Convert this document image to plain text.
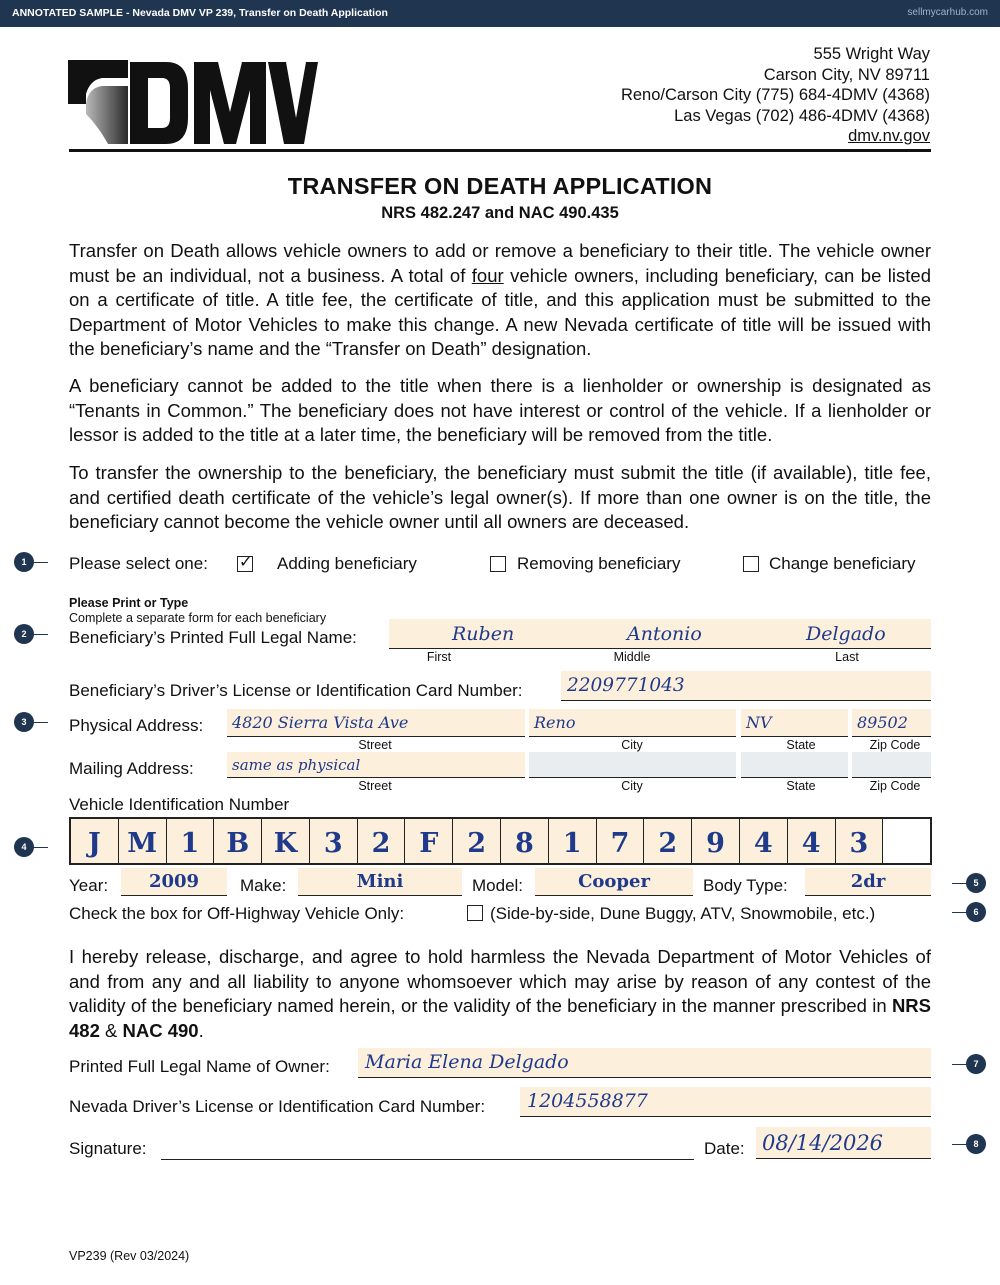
ANNOTATED SAMPLE - Nevada DMV VP 239, Transfer on Death Application	sellmycarhub.com
555 Wright Way
Carson City, NV 89711
Reno/Carson City (775) 684-4DMV (4368)
Las Vegas (702) 486-4DMV (4368)
dmv.nv.gov
TRANSFER ON DEATH APPLICATION
NRS 482.247 and NAC 490.435
Transfer on Death allows vehicle owners to add or remove a beneficiary to their title. The vehicle owner must be an individual, not a business. A total of four vehicle owners, including beneficiary, can be listed on a certificate of title. A title fee, the certificate of title, and this application must be submitted to the Department of Motor Vehicles to make this change. A new Nevada certificate of title will be issued with the beneficiary’s name and the “Transfer on Death” designation.
A beneficiary cannot be added to the title when there is a lienholder or ownership is designated as “Tenants in Common.” The beneficiary does not have interest or control of the vehicle. If a lienholder or lessor is added to the title at a later time, the beneficiary will be removed from the title.
To transfer the ownership to the beneficiary, the beneficiary must submit the title (if available), title fee, and certified death certificate of the vehicle’s legal owner(s). If more than one owner is on the title, the beneficiary cannot become the vehicle owner until all owners are deceased.
Please select one: ✓ Adding beneficiary	Removing beneficiary	Change beneficiary
Please Print or Type
Complete a separate form for each beneficiary
Beneficiary’s Printed Full Legal Name:	Ruben	Antonio	Delgado
First	Middle	Last
Beneficiary’s Driver’s License or Identification Card Number: 2209771043
Physical Address: 4820 Sierra Vista Ave	Reno	NV	89502
Street	City	State	Zip Code
Mailing Address:	same as physical
Street	City	State	Zip Code
Vehicle Identification Number
J M 1 B K 3	2	F	2	8	1	7	2	9	4	4	3
Year:	2009	Make:	Mini	Model:	Cooper	Body Type:	2dr
Check the box for Off-Highway Vehicle Only:	(Side-by-side, Dune Buggy, ATV, Snowmobile, etc.)
I hereby release, discharge, and agree to hold harmless the Nevada Department of Motor Vehicles of and from any and all liability to anyone whomsoever which may arise by reason of any contest of the validity of the beneficiary named herein, or the validity of the beneficiary in the manner prescribed in NRS 482 & NAC 490.
Printed Full Legal Name of Owner: Maria Elena Delgado
Nevada Driver’s License or Identification Card Number: 1204558877
Signature:	Date: 08/14/2026
1
2
3
4
5
6
7
8
VP239 (Rev 03/2024)
